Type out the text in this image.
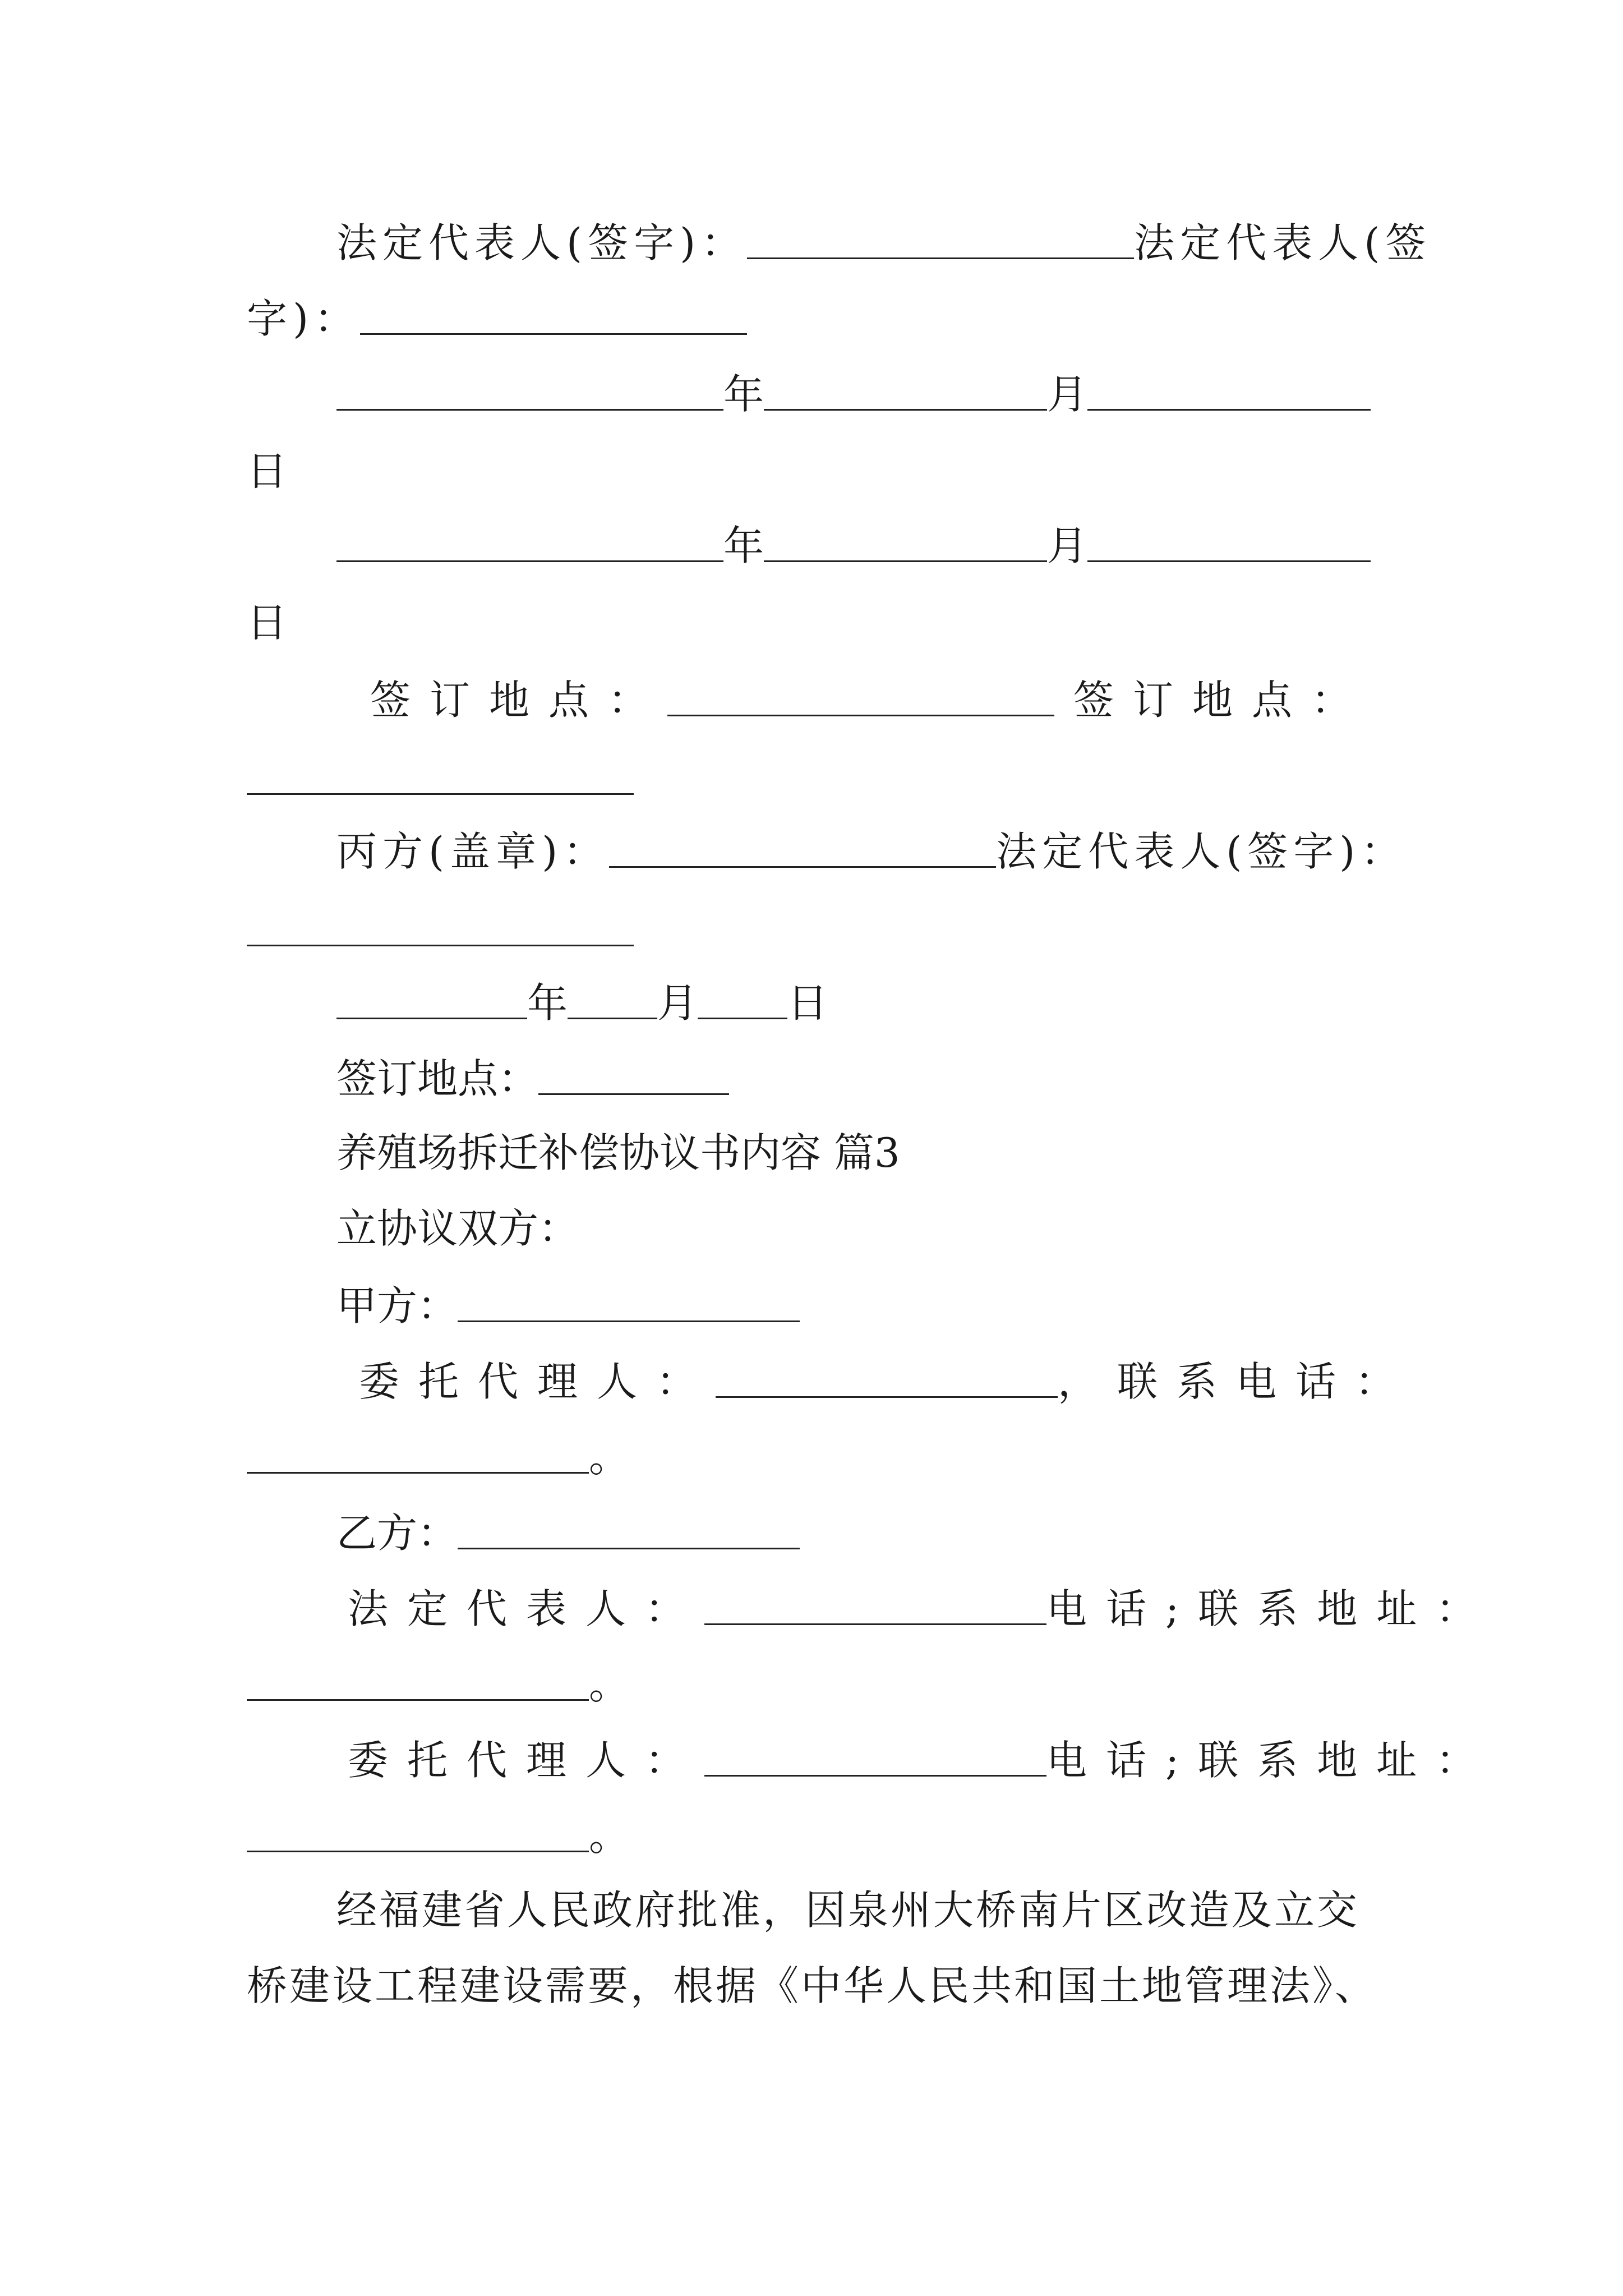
法定代表人(签字)：	法定代表人(签
字)：
年	月
日
年	月
日
签订地点：	签订地点：
丙方(盖章)：	法定代表人(签字)：
年 月 日
签订地点：
养殖场拆迁补偿协议书内容 篇3
立协议双方：
甲方：
委托代理人：	，联系电话：
。
乙方：
法定代表人：	电话;联系地址：
。
委托代理人：	电话;联系地址：
。
经福建省人民政府批准，因泉州大桥南片区改造及立交
桥建设工程建设需要，根据《中华人民共和国土地管理法》、
